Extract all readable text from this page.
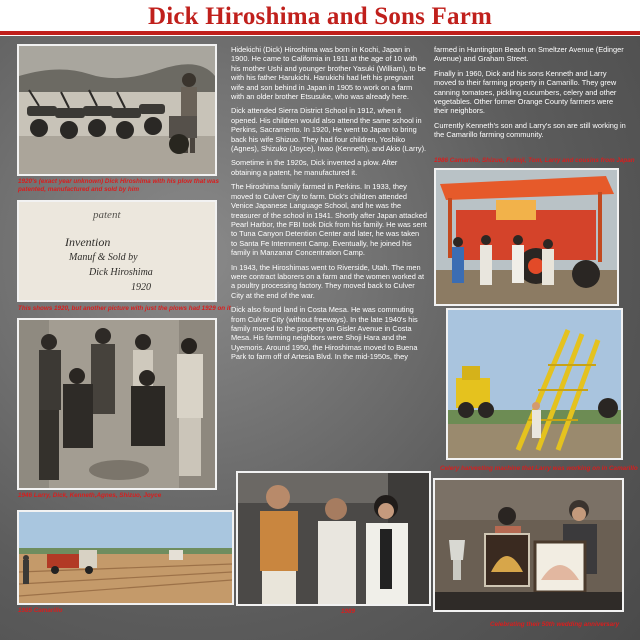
Dick Hiroshima and Sons Farm
1920's (exact year unknown) Dick Hiroshima with his plow that was patented, manufactured and sold by him
patent
Invention
Manuf & Sold by
Dick Hiroshima
1920
This shows 1920, but another picture with just the plows had 1929 on it
1946 Larry, Dick, Kenneth,Agnes, Shizuo, Joyce
1985 Camarillo	1989
Celebrating their 50th wedding anniversary
1986 Camarillo, Shizuo, Fukuji, Tom, Larry and cousins from Japan
Celery harvesting machine that Larry was working on in Camarillo

Hidekichi (Dick) Hiroshima was born in Kochi, Japan in 1900. He came to California in 1911 at the age of 10 with his mother Ushi and younger brother Yasuki (William), to be with his father Harukichi. Harukichi had left his pregnant wife and son behind in Japan in 1905 to work on a farm with an older brother Etsusuke, who was already here.

Dick attended Sierra District School in 1912, when it opened. His children would also attend the same school in Perkins, Sacramento. In 1920, He went to Japan to bring back his wife Shizuo. They had four children, Yoshiko (Agnes), Shizuko (Joyce), Iwao (Kenneth), and Akio (Larry).

Sometime in the 1920s, Dick invented a plow. After obtaining a patent, he manufactured it.

The Hiroshima family farmed in Perkins. In 1933, they moved to Culver City to farm. Dick's children attended Venice Japanese Language School, and he was the treasurer of the school in 1941. Shortly after Japan attacked Pearl Harbor, the FBI took Dick from his family. He was sent to Tuna Canyon Detention Center and later, he was taken to Santa Fe Internment Camp. Eventually, he joined his family in Manzanar Concentration Camp.

In 1943, the Hiroshimas went to Riverside, Utah. The men were contract laborers on a farm and the women worked at a poultry processing factory. They moved back to Culver City at the end of the war.

Dick also found land in Costa Mesa. He was commuting from Culver City (without freeways). In the late 1940's his family moved to the property on Gisler Avenue in Costa Mesa. His farming neighbors were Shoji Hara and the Uyemoris. Around 1950, the Hiroshimas moved to Buena Park to farm off of Artesia Blvd. In the mid-1950s, they

farmed in Huntington Beach on Smeltzer Avenue (Edinger Avenue) and Graham Street.

Finally in 1960, Dick and his sons Kenneth and Larry moved to their farming property in Camarillo. They grew canning tomatoes, pickling cucumbers, celery and other vegetables. Other former Orange County farmers were their neighbors.

Currently Kenneth's son and Larry's son are still working in the Camarillo farming community.
